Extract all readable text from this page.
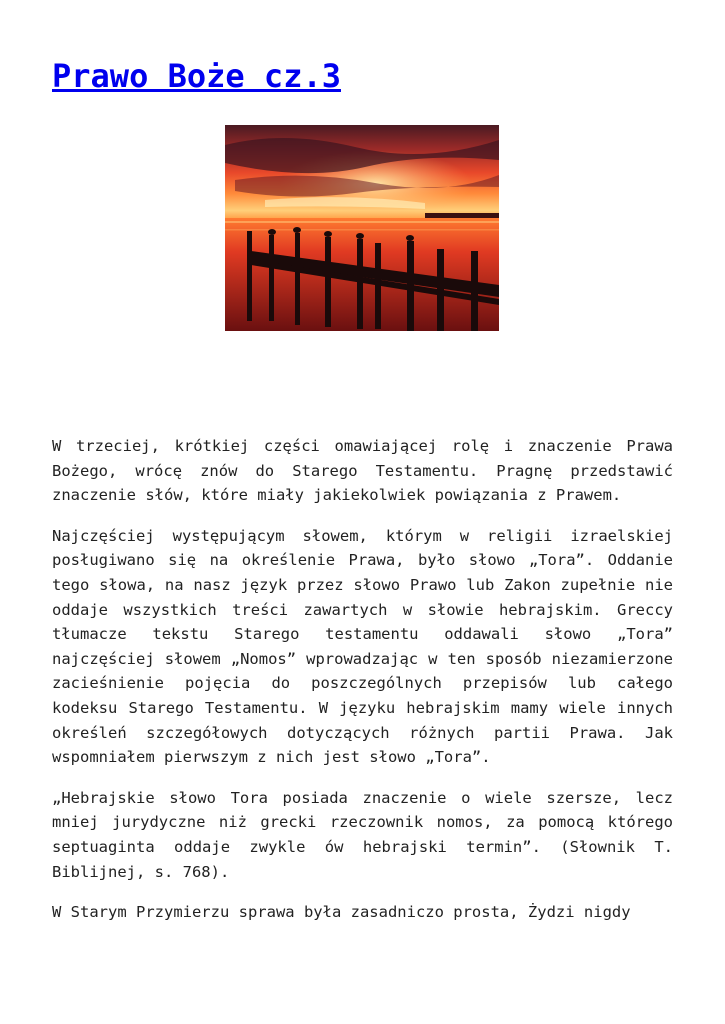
Prawo Boże cz.3

W trzeciej, krótkiej części omawiającej rolę i znaczenie Prawa Bożego, wrócę znów do Starego Testamentu. Pragnę przedstawić znaczenie słów, które miały jakiekolwiek powiązania z Prawem.

Najczęściej występującym słowem, którym w religii izraelskiej posługiwano się na określenie Prawa, było słowo „Tora”. Oddanie tego słowa, na nasz język przez słowo Prawo lub Zakon zupełnie nie oddaje wszystkich treści zawartych w słowie hebrajskim. Greccy tłumacze tekstu Starego testamentu oddawali słowo „Tora” najczęściej słowem „Nomos” wprowadzając w ten sposób niezamierzone zacieśnienie pojęcia do poszczególnych przepisów lub całego kodeksu Starego Testamentu. W języku hebrajskim mamy wiele innych określeń szczegółowych dotyczących różnych partii Prawa. Jak wspomniałem pierwszym z nich jest słowo „Tora”.

„Hebrajskie słowo Tora posiada znaczenie o wiele szersze, lecz mniej jurydyczne niż grecki rzeczownik nomos, za pomocą którego septuaginta oddaje zwykle ów hebrajski termin”. (Słownik T. Biblijnej, s. 768).

W Starym Przymierzu sprawa była zasadniczo prosta, Żydzi nigdy
